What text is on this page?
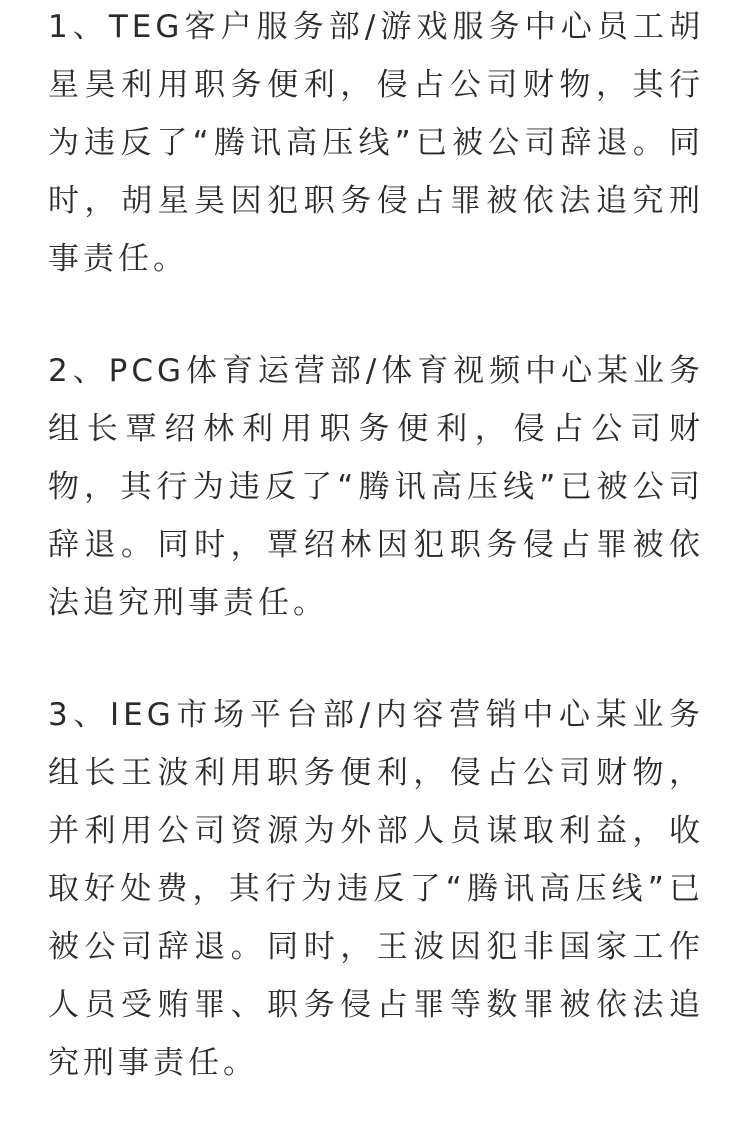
1、TEG客户服务部/游戏服务中心员工胡星昊利用职务便利，侵占公司财物，其行为违反了“腾讯高压线”已被公司辞退。同时，胡星昊因犯职务侵占罪被依法追究刑事责任。

2、PCG体育运营部/体育视频中心某业务组长覃绍林利用职务便利，侵占公司财物，其行为违反了“腾讯高压线”已被公司辞退。同时，覃绍林因犯职务侵占罪被依法追究刑事责任。

3、IEG市场平台部/内容营销中心某业务组长王波利用职务便利，侵占公司财物，并利用公司资源为外部人员谋取利益，收取好处费，其行为违反了“腾讯高压线”已被公司辞退。同时，王波因犯非国家工作人员受贿罪、职务侵占罪等数罪被依法追究刑事责任。
